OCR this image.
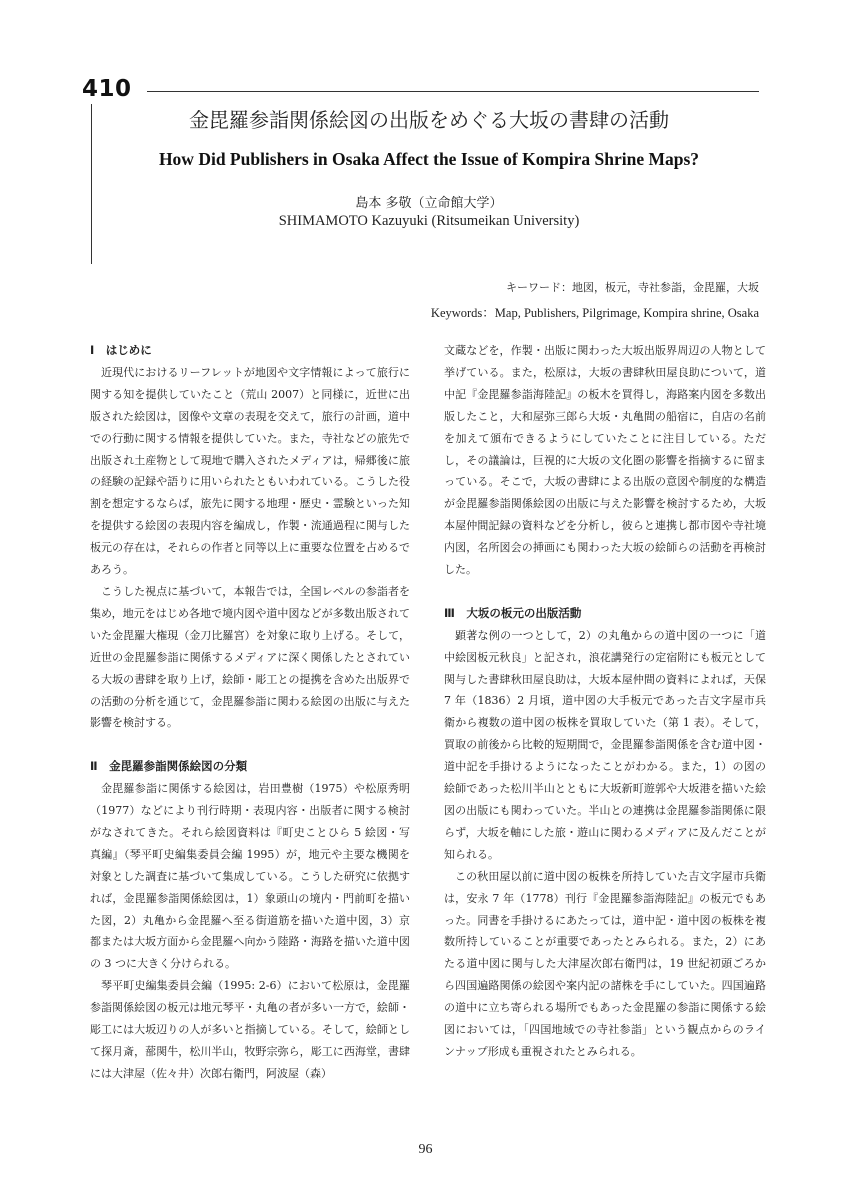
410
金毘羅参詣関係絵図の出版をめぐる大坂の書肆の活動
How Did Publishers in Osaka Affect the Issue of Kompira Shrine Maps?
島本 多敬（立命館大学）
SHIMAMOTO Kazuyuki (Ritsumeikan University)
キーワード：地図，板元，寺社参詣，金毘羅，大坂
Keywords：Map, Publishers, Pilgrimage, Kompira shrine, Osaka
Ⅰ　はじめに

近現代におけるリーフレットが地図や文字情報によって旅行に関する知を提供していたこと（荒山 2007）と同様に，近世に出版された絵図は，図像や文章の表現を交えて，旅行の計画，道中での行動に関する情報を提供していた。また，寺社などの旅先で出版され土産物として現地で購入されたメディアは，帰郷後に旅の経験の記録や語りに用いられたともいわれている。こうした役割を想定するならば，旅先に関する地理・歴史・霊験といった知を提供する絵図の表現内容を編成し，作製・流通過程に関与した板元の存在は，それらの作者と同等以上に重要な位置を占めるであろう。

こうした視点に基づいて，本報告では，全国レベルの参詣者を集め，地元をはじめ各地で境内図や道中図などが多数出版されていた金毘羅大権現（金刀比羅宮）を対象に取り上げる。そして，近世の金毘羅参詣に関係するメディアに深く関係したとされている大坂の書肆を取り上げ，絵師・彫工との提携を含めた出版界での活動の分析を通じて，金毘羅参詣に関わる絵図の出版に与えた影響を検討する。

Ⅱ　金毘羅参詣関係絵図の分類

金毘羅参詣に関係する絵図は，岩田豊樹（1975）や松原秀明（1977）などにより刊行時期・表現内容・出版者に関する検討がなされてきた。それら絵図資料は『町史ことひら 5 絵図・写真編』（琴平町史編集委員会編 1995）が，地元や主要な機関を対象とした調査に基づいて集成している。こうした研究に依拠すれば，金毘羅参詣関係絵図は，1）象頭山の境内・門前町を描いた図，2）丸亀から金毘羅へ至る街道筋を描いた道中図，3）京都または大坂方面から金毘羅へ向かう陸路・海路を描いた道中図の 3 つに大きく分けられる。

琴平町史編集委員会編（1995: 2-6）において松原は，金毘羅参詣関係絵図の板元は地元琴平・丸亀の者が多い一方で，絵師・彫工には大坂辺りの人が多いと指摘している。そして，絵師として探月斎，蔀関牛，松川半山，牧野宗弥ら，彫工に西海堂，書肆には大津屋（佐々井）次郎右衛門，阿波屋（森）

文蔵などを，作製・出版に関わった大坂出版界周辺の人物として挙げている。また，松原は，大坂の書肆秋田屋良助について，道中記『金毘羅参詣海陸記』の板木を買得し，海路案内図を多数出版したこと，大和屋弥三郎ら大坂・丸亀間の船宿に，自店の名前を加えて頒布できるようにしていたことに注目している。ただし，その議論は，巨視的に大坂の文化圏の影響を指摘するに留まっている。そこで，大坂の書肆による出版の意図や制度的な構造が金毘羅参詣関係絵図の出版に与えた影響を検討するため，大坂本屋仲間記録の資料などを分析し，彼らと連携し都市図や寺社境内図，名所図会の挿画にも関わった大坂の絵師らの活動を再検討した。

Ⅲ　大坂の板元の出版活動

顕著な例の一つとして，2）の丸亀からの道中図の一つに「道中絵図板元秋良」と記され，浪花講発行の定宿附にも板元として関与した書肆秋田屋良助は，大坂本屋仲間の資料によれば，天保 7 年（1836）2 月頃，道中図の大手板元であった吉文字屋市兵衛から複数の道中図の板株を買取していた（第 1 表）。そして，買取の前後から比較的短期間で，金毘羅参詣関係を含む道中図・道中記を手掛けるようになったことがわかる。また，1）の図の絵師であった松川半山とともに大坂新町遊郭や大坂港を描いた絵図の出版にも関わっていた。半山との連携は金毘羅参詣関係に限らず，大坂を軸にした旅・遊山に関わるメディアに及んだことが知られる。

この秋田屋以前に道中図の板株を所持していた吉文字屋市兵衛は，安永 7 年（1778）刊行『金毘羅参詣海陸記』の板元でもあった。同書を手掛けるにあたっては，道中記・道中図の板株を複数所持していることが重要であったとみられる。また，2）にあたる道中図に関与した大津屋次郎右衛門は，19 世紀初頭ごろから四国遍路関係の絵図や案内記の諸株を手にしていた。四国遍路の道中に立ち寄られる場所でもあった金毘羅の参詣に関係する絵図においては，「四国地域での寺社参詣」という観点からのラインナップ形成も重視されたとみられる。

96
